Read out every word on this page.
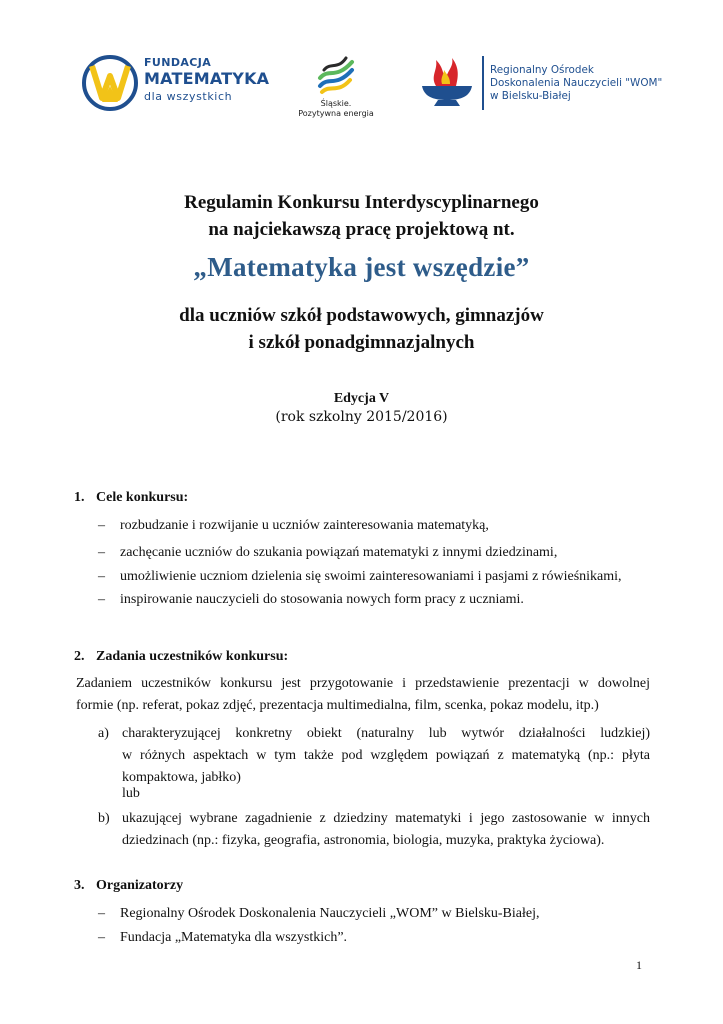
FUNDACJA
MATEMATYKA
dla wszystkich
Śląskie.
Pozytywna energia
Regionalny Ośrodek
Doskonalenia Nauczycieli "WOM"
w Bielsku-Białej
Regulamin Konkursu Interdyscyplinarnego
na najciekawszą pracę projektową nt.
„Matematyka jest wszędzie”
dla uczniów szkół podstawowych, gimnazjów
i szkół ponadgimnazjalnych
Edycja V
(rok szkolny 2015/2016)
1. Cele konkursu:
– rozbudzanie i rozwijanie u uczniów zainteresowania matematyką,
– zachęcanie uczniów do szukania powiązań matematyki z innymi dziedzinami,
– umożliwienie uczniom dzielenia się swoimi zainteresowaniami i pasjami z rówieśnikami,
– inspirowanie nauczycieli do stosowania nowych form pracy z uczniami.
2. Zadania uczestników konkursu:
Zadaniem uczestników konkursu jest przygotowanie i przedstawienie prezentacji w dowolnej
formie (np. referat, pokaz zdjęć, prezentacja multimedialna, film, scenka, pokaz modelu, itp.)
a) charakteryzującej konkretny obiekt (naturalny lub wytwór działalności ludzkiej)
w różnych aspektach w tym także pod względem powiązań z matematyką (np.: płyta
kompaktowa, jabłko)
lub
b) ukazującej wybrane zagadnienie z dziedziny matematyki i jego zastosowanie w innych
dziedzinach (np.: fizyka, geografia, astronomia, biologia, muzyka, praktyka życiowa).
3. Organizatorzy
– Regionalny Ośrodek Doskonalenia Nauczycieli „WOM” w Bielsku-Białej,
– Fundacja „Matematyka dla wszystkich”.
1
